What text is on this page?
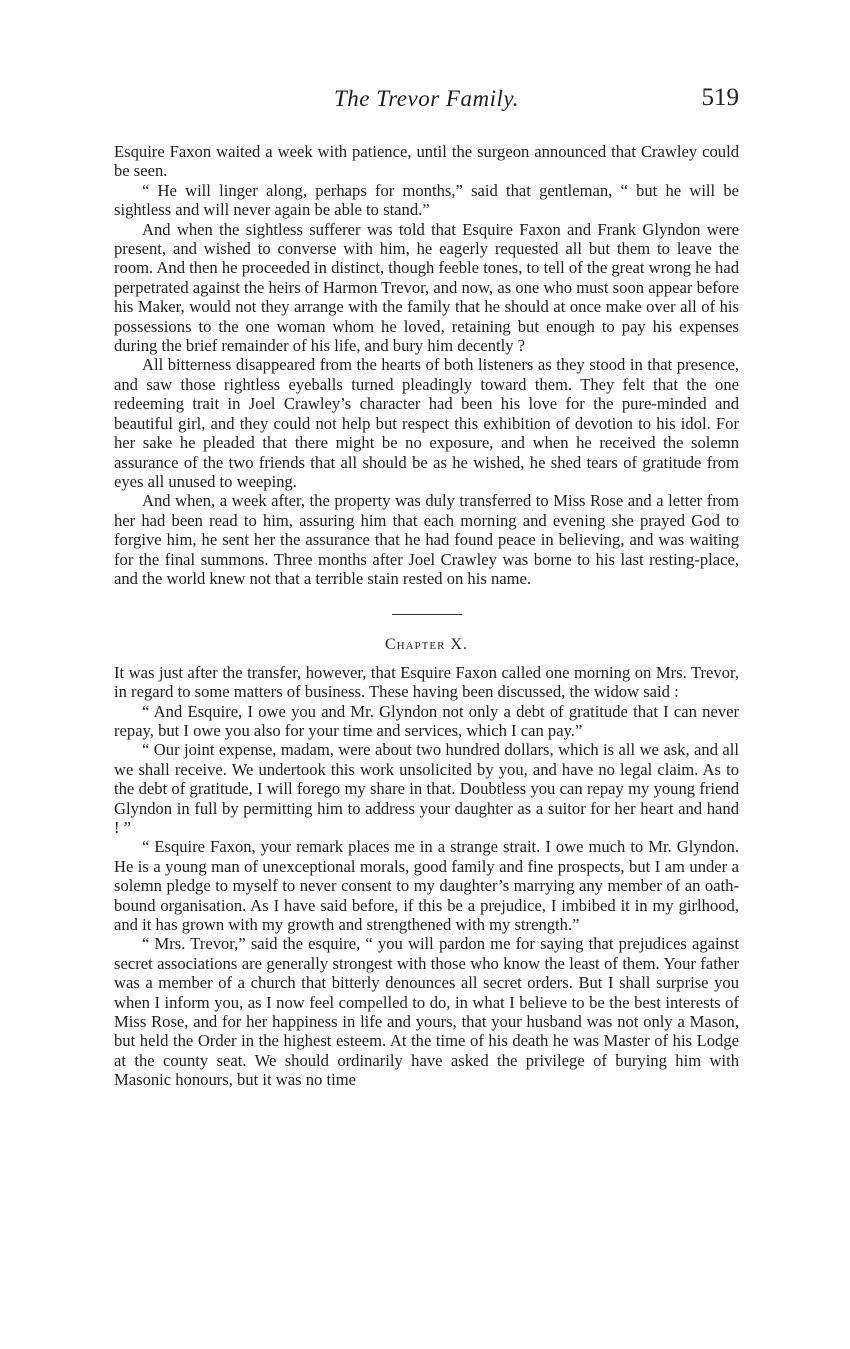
The Trevor Family.	519

Esquire Faxon waited a week with patience, until the surgeon announced that Crawley could be seen.

“ He will linger along, perhaps for months,” said that gentleman, “ but he will be sightless and will never again be able to stand.”

And when the sightless sufferer was told that Esquire Faxon and Frank Glyndon were present, and wished to converse with him, he eagerly requested all but them to leave the room. And then he proceeded in distinct, though feeble tones, to tell of the great wrong he had perpetrated against the heirs of Harmon Trevor, and now, as one who must soon appear before his Maker, would not they arrange with the family that he should at once make over all of his possessions to the one woman whom he loved, retaining but enough to pay his expenses during the brief remainder of his life, and bury him decently ?

All bitterness disappeared from the hearts of both listeners as they stood in that presence, and saw those rightless eyeballs turned pleadingly toward them. They felt that the one redeeming trait in Joel Crawley’s character had been his love for the pure-minded and beautiful girl, and they could not help but respect this exhibition of devotion to his idol. For her sake he pleaded that there might be no exposure, and when he received the solemn assurance of the two friends that all should be as he wished, he shed tears of gratitude from eyes all unused to weeping.

And when, a week after, the property was duly transferred to Miss Rose and a letter from her had been read to him, assuring him that each morning and evening she prayed God to forgive him, he sent her the assurance that he had found peace in believing, and was waiting for the final summons. Three months after Joel Crawley was borne to his last resting-place, and the world knew not that a terrible stain rested on his name.

Chapter X.

It was just after the transfer, however, that Esquire Faxon called one morning on Mrs. Trevor, in regard to some matters of business. These having been discussed, the widow said :

“ And Esquire, I owe you and Mr. Glyndon not only a debt of gratitude that I can never repay, but I owe you also for your time and services, which I can pay.”

“ Our joint expense, madam, were about two hundred dollars, which is all we ask, and all we shall receive. We undertook this work unsolicited by you, and have no legal claim. As to the debt of gratitude, I will forego my share in that. Doubtless you can repay my young friend Glyndon in full by permitting him to address your daughter as a suitor for her heart and hand ! ”

“ Esquire Faxon, your remark places me in a strange strait. I owe much to Mr. Glyndon. He is a young man of unexceptional morals, good family and fine prospects, but I am under a solemn pledge to myself to never consent to my daughter’s marrying any member of an oath-bound organisation. As I have said before, if this be a prejudice, I imbibed it in my girlhood, and it has grown with my growth and strengthened with my strength.”

“ Mrs. Trevor,” said the esquire, “ you will pardon me for saying that prejudices against secret associations are generally strongest with those who know the least of them. Your father was a member of a church that bitterly denounces all secret orders. But I shall surprise you when I inform you, as I now feel compelled to do, in what I believe to be the best interests of Miss Rose, and for her happiness in life and yours, that your husband was not only a Mason, but held the Order in the highest esteem. At the time of his death he was Master of his Lodge at the county seat. We should ordinarily have asked the privilege of burying him with Masonic honours, but it was no time
